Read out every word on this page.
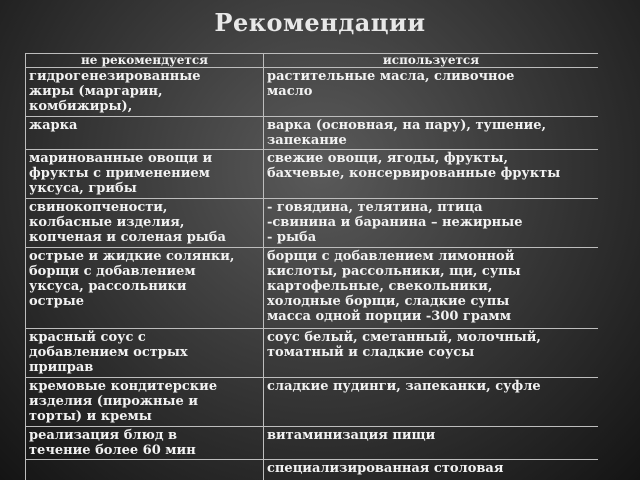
Рекомендации
не рекомендуется	используется

гидрогенезированные
жиры (маргарин,
комбижиры),	растительные масла, сливочное
масло

жарка	варка (основная, на пару), тушение,
запекание

маринованные овощи и
фрукты с применением
уксуса, грибы	свежие овощи, ягоды, фрукты,
бахчевые, консервированные фрукты

свинокопчености,
колбасные изделия,
копченая и соленая рыба	- говядина, телятина, птица
-свинина и баранина – нежирные
- рыба

острые и жидкие солянки,
борщи с добавлением
уксуса, рассольники
острые	борщи с добавлением лимонной
кислоты, рассольники, щи, супы
картофельные, свекольники,
холодные борщи, сладкие супы
масса одной порции -300 грамм

красный соус с
добавлением острых
приправ	соус белый, сметанный, молочный,
томатный и сладкие соусы

кремовые кондитерские
изделия (пирожные и
торты) и кремы	сладкие пудинги, запеканки, суфле

реализация блюд в
течение более 60 мин	витаминизация пищи

	специализированная столовая
